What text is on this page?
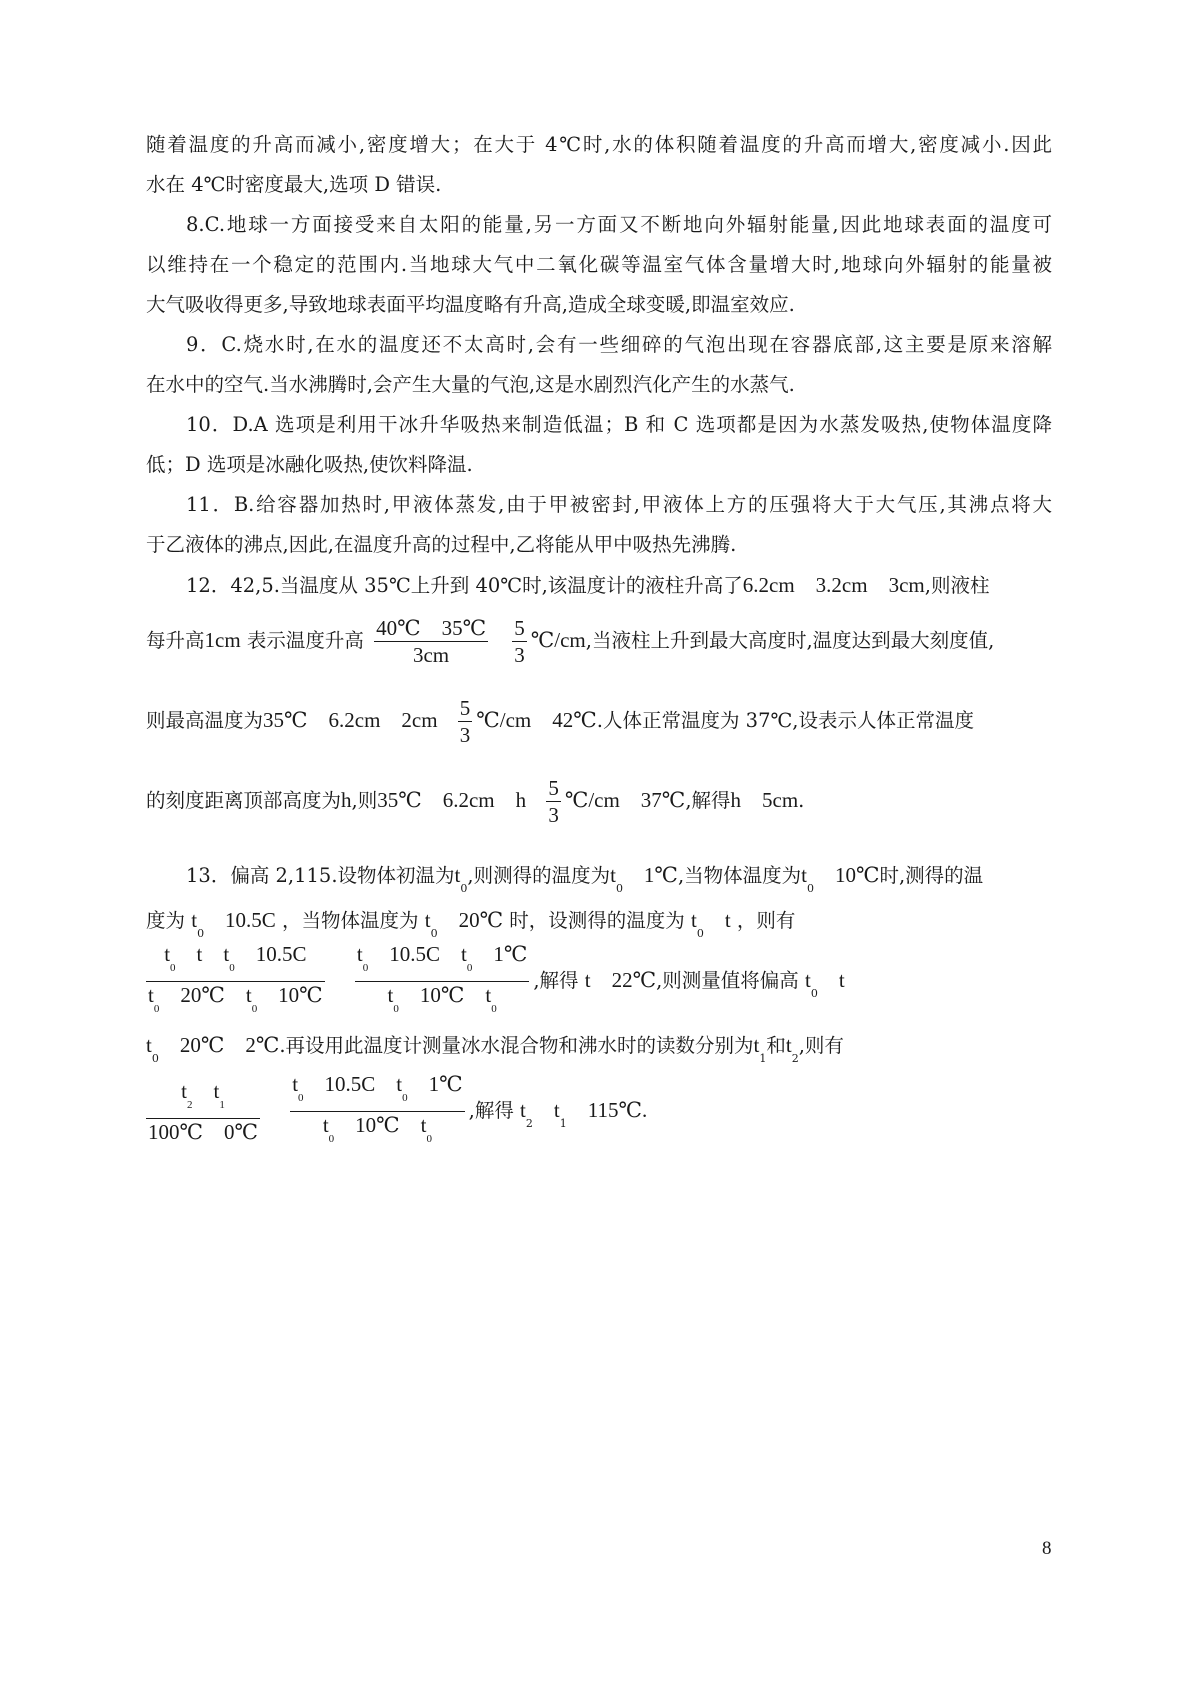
随着温度的升高而减小,密度增大；在大于 4℃时,水的体积随着温度的升高而增大,密度减小.因此
水在 4℃时密度最大,选项 D 错误.
8.C.地球一方面接受来自太阳的能量,另一方面又不断地向外辐射能量,因此地球表面的温度可
以维持在一个稳定的范围内.当地球大气中二氧化碳等温室气体含量增大时,地球向外辐射的能量被
大气吸收得更多,导致地球表面平均温度略有升高,造成全球变暖,即温室效应.
9．C.烧水时,在水的温度还不太高时,会有一些细碎的气泡出现在容器底部,这主要是原来溶解
在水中的空气.当水沸腾时,会产生大量的气泡,这是水剧烈汽化产生的水蒸气.
10．D.A 选项是利用干冰升华吸热来制造低温；B 和 C 选项都是因为水蒸发吸热,使物体温度降
低；D 选项是冰融化吸热,使饮料降温.
11．B.给容器加热时,甲液体蒸发,由于甲被密封,甲液体上方的压强将大于大气压,其沸点将大
于乙液体的沸点,因此,在温度升高的过程中,乙将能从甲中吸热先沸腾.
12．42,5.当温度从 35℃上升到 40℃时,该温度计的液柱升高了6.2cm　3.2cm　3cm,则液柱
每升高1cm 表示温度升高 $\frac{40℃ 35℃}{3cm}$
$\frac{5}{3}$ ℃/cm,当液柱上升到最大高度时,温度达到最大刻度值,
则最高温度为35℃　6.2cm　$2cm \frac{5}{3}$ ℃/cm　42℃.人体正常温度为 37℃,设表示人体正常温度
的刻度距离顶部高度为h,则35℃　6.2cm　h $\frac{5}{3}$ ℃/cm　37℃,解得h　5cm.
13．偏高 2,115.设物体初温为$t_0$,则测得的温度为$t_0$　1℃,当物体温度为$t_0$　10℃时,测得的温
度为 $t_0$　10.5C ，当物体温度为 $t_0$　20℃ 时，设测得的温度为 $t_0$　t ，则有
$\frac{t_0 t t_0 10.5C}{t_0 20℃ t_0 10℃}$
$\frac{t_0 10.5C t_0 1℃}{t_0 10℃ t_0}$ ,解得 t　22℃,则测量值将偏高 $t_0$　t
$t_0$　20℃　2℃.再设用此温度计测量冰水混合物和沸水时的读数分别为$t_1$和$t_2$,则有
$\frac{t_2 t_1}{100℃ 0℃}$
$\frac{t_0 10.5C t_0 1℃}{t_0 10℃ t_0}$ ,解得 $t_2$　$t_1$　115℃.
8
